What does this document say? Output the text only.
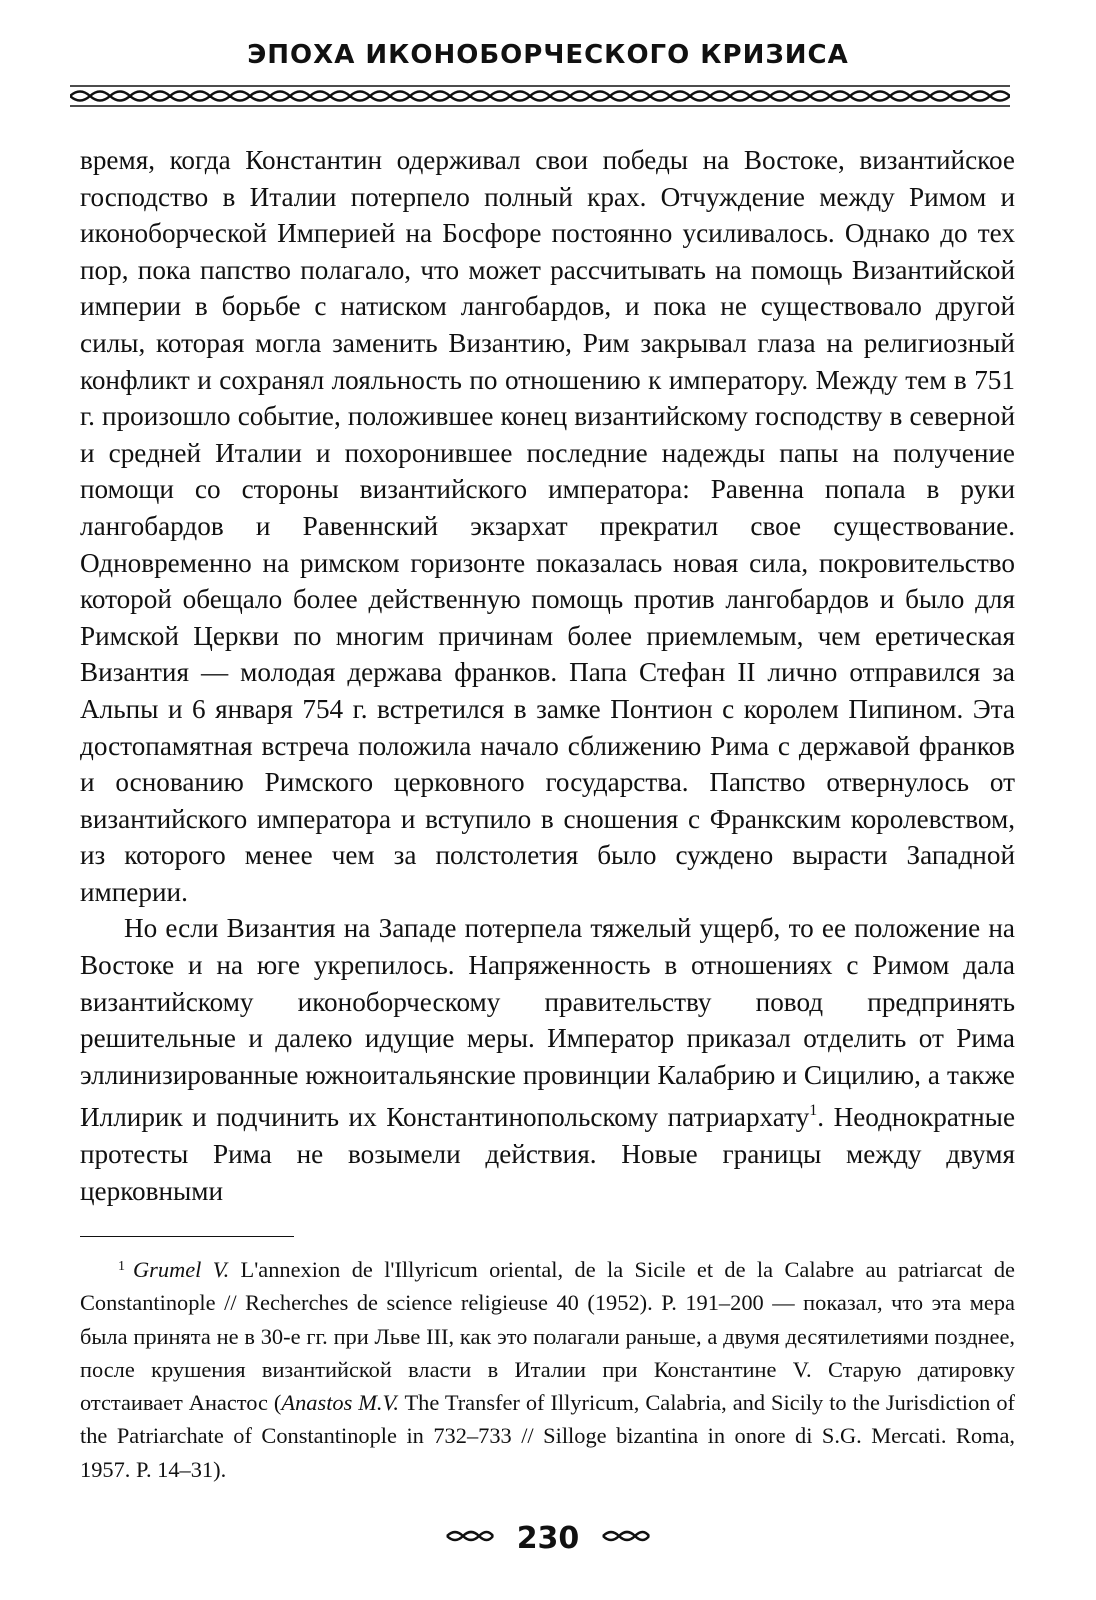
ЭПОХА ИКОНОБОРЧЕСКОГО КРИЗИСА

время, когда Константин одерживал свои победы на Востоке, византийское господство в Италии потерпело полный крах. Отчуждение между Римом и иконоборческой Империей на Босфоре постоянно усиливалось. Однако до тех пор, пока папство полагало, что может рассчитывать на помощь Византийской империи в борьбе с натиском лангобардов, и пока не существовало другой силы, которая могла заменить Византию, Рим закрывал глаза на религиозный конфликт и сохранял лояльность по отношению к императору. Между тем в 751 г. произошло событие, положившее конец византийскому господству в северной и средней Италии и похоронившее последние надежды папы на получение помощи со стороны византийского императора: Равенна попала в руки лангобардов и Равеннский экзархат прекратил свое существование. Одновременно на римском горизонте показалась новая сила, покровительство которой обещало более действенную помощь против лангобардов и было для Римской Церкви по многим причинам более приемлемым, чем еретическая Византия — молодая держава франков. Папа Стефан II лично отправился за Альпы и 6 января 754 г. встретился в замке Понтион с королем Пипином. Эта достопамятная встреча положила начало сближению Рима с державой франков и основанию Римского церковного государства. Папство отвернулось от византийского императора и вступило в сношения с Франкским королевством, из которого менее чем за полстолетия было суждено вырасти Западной империи.

Но если Византия на Западе потерпела тяжелый ущерб, то ее положение на Востоке и на юге укрепилось. Напряженность в отношениях с Римом дала византийскому иконоборческому правительству повод предпринять решительные и далеко идущие меры. Император приказал отделить от Рима эллинизированные южноитальянские провинции Калабрию и Сицилию, а также Иллирик и подчинить их Константинопольскому патриархату$^1$. Неоднократные протесты Рима не возымели действия. Новые границы между двумя церковными

$^1$ Grumel V. L'annexion de l'Illyricum oriental, de la Sicile et de la Calabre au patriarcat de Constantinople // Recherches de science religieuse 40 (1952). P. 191–200 — показал, что эта мера была принята не в 30-е гг. при Льве III, как это полагали раньше, а двумя десятилетиями позднее, после крушения византийской власти в Италии при Константине V. Старую датировку отстаивает Анастос (Anastos M.V. The Transfer of Illyricum, Calabria, and Sicily to the Jurisdiction of the Patriarchate of Constantinople in 732–733 // Silloge bizantina in onore di S.G. Mercati. Roma, 1957. P. 14–31).

230
